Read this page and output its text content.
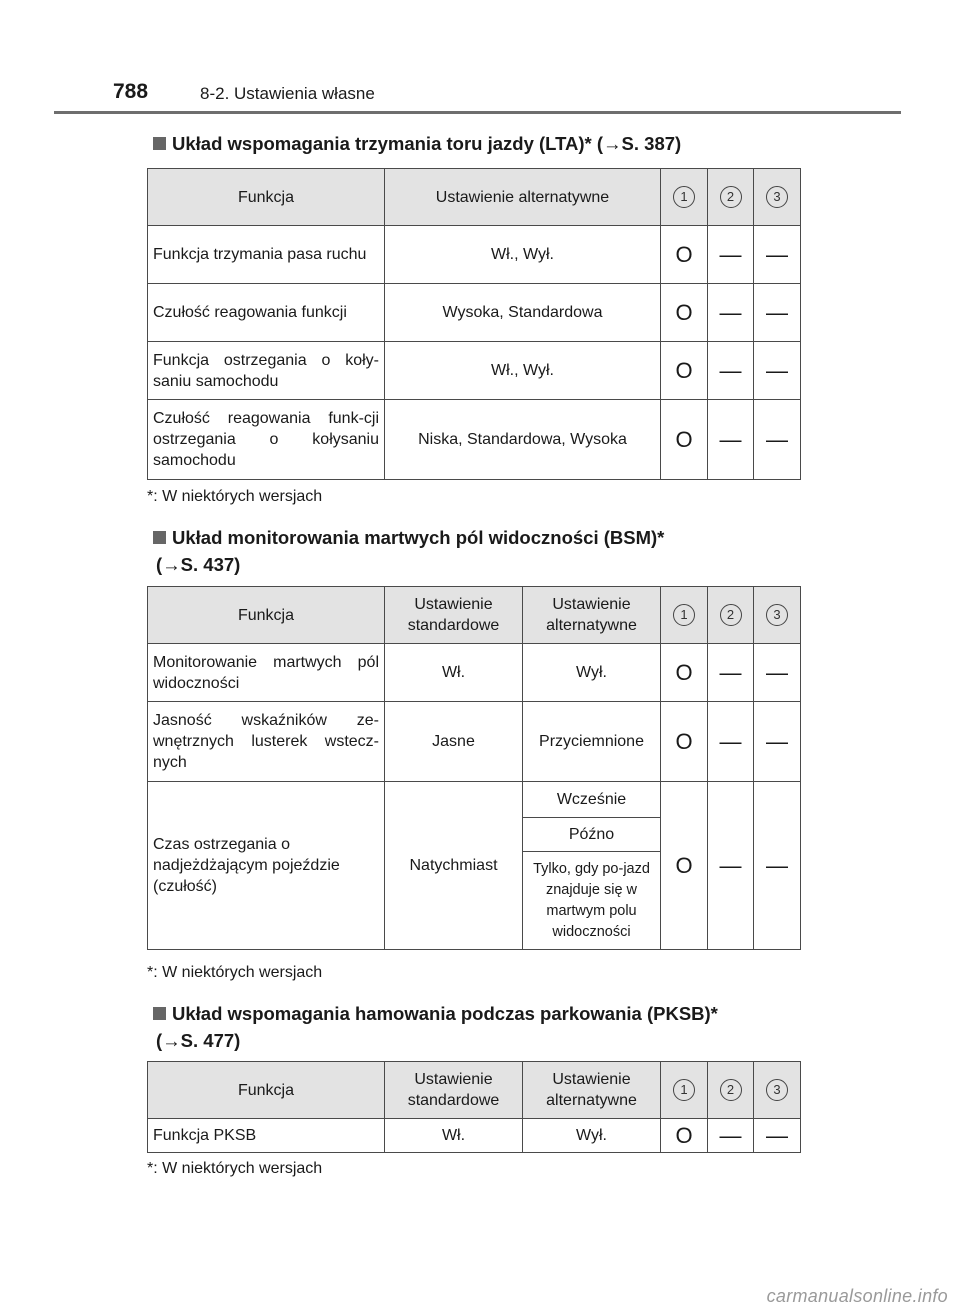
788	8-2. Ustawienia własne
Układ wspomagania trzymania toru jazdy (LTA)* (→S. 387)
Funkcja	Ustawienie alternatywne	1	2	3
Funkcja trzymania pasa ruchu	Wł., Wył.	O	—	—
Czułość reagowania funkcji	Wysoka, Standardowa	O	—	—
Funkcja ostrzegania o koły-saniu samochodu	Wł., Wył.	O	—	—
Czułość reagowania funk-cji ostrzegania o kołysaniu samochodu	Niska, Standardowa, Wysoka	O	—	—
*: W niektórych wersjach
Układ monitorowania martwych pól widoczności (BSM)*
(→S. 437)
Funkcja	Ustawienie standardowe	Ustawienie alternatywne	1	2	3
Monitorowanie martwych pól widoczności	Wł.	Wył.	O	—	—
Jasność wskaźników ze-wnętrznych lusterek wstecz-nych	Jasne	Przyciemnione	O	—	—
Czas ostrzegania o nadjeżdżającym pojeździe (czułość)	Natychmiast	Wcześnie	O	—	—
		Późno			
		Tylko, gdy po-jazd znajduje się w martwym polu widoczności			
*: W niektórych wersjach
Układ wspomagania hamowania podczas parkowania (PKSB)*
(→S. 477)
Funkcja	Ustawienie standardowe	Ustawienie alternatywne	1	2	3
Funkcja PKSB	Wł.	Wył.	O	—	—
*: W niektórych wersjach
carmanualsonline.info
